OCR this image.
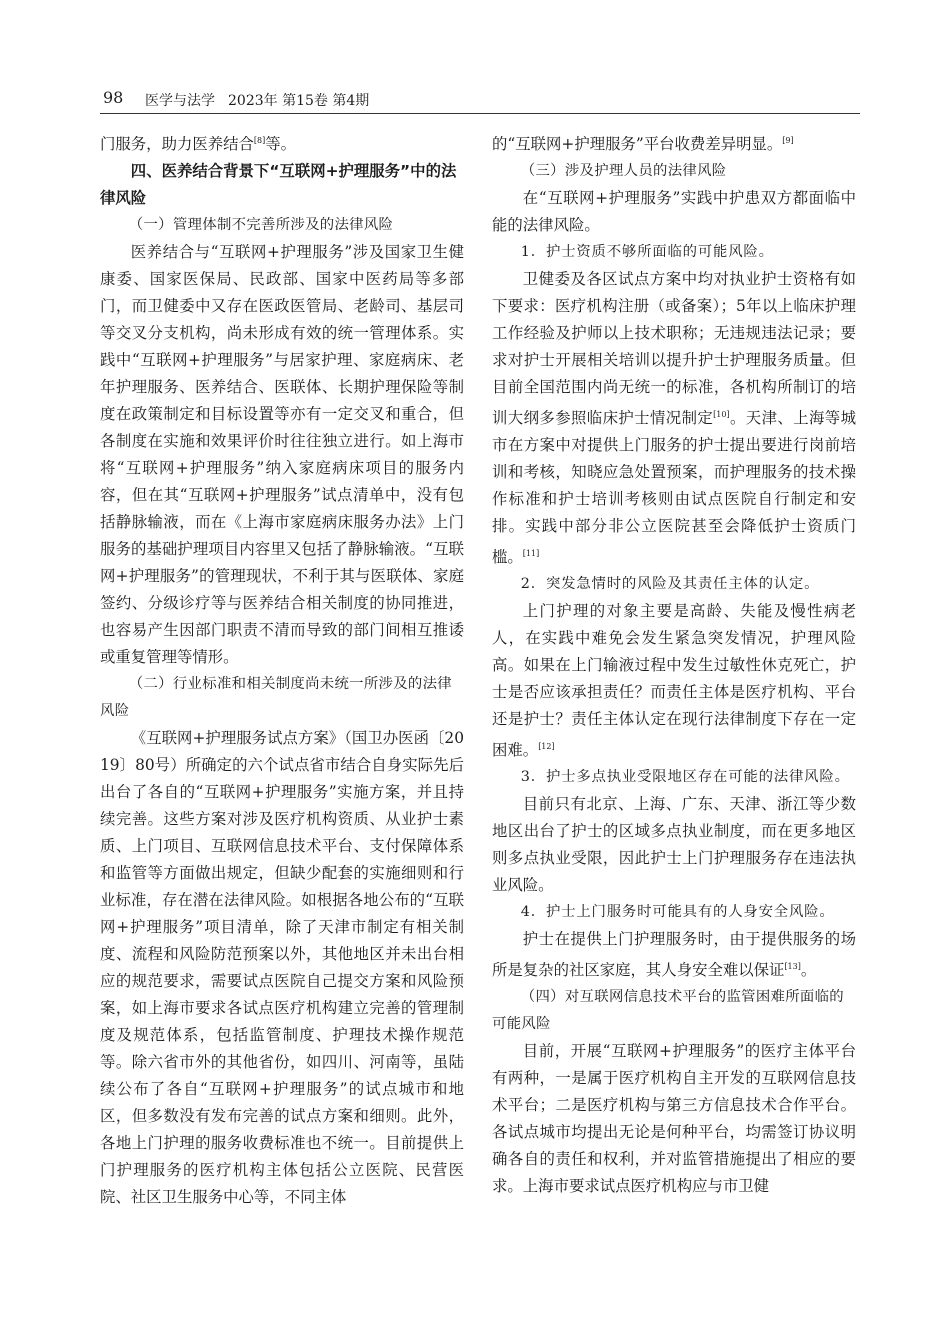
98 医学与法学 2023年 第15卷 第4期

门服务，助力医养结合[8]等。

四、医养结合背景下“互联网+护理服务”中的法律风险
（一）管理体制不完善所涉及的法律风险

医养结合与“互联网+护理服务”涉及国家卫生健康委、国家医保局、民政部、国家中医药局等多部门，而卫健委中又存在医政医管局、老龄司、基层司等交叉分支机构，尚未形成有效的统一管理体系。实践中“互联网+护理服务”与居家护理、家庭病床、老年护理服务、医养结合、医联体、长期护理保险等制度在政策制定和目标设置等亦有一定交叉和重合，但各制度在实施和效果评价时往往独立进行。如上海市将“互联网+护理服务”纳入家庭病床项目的服务内容，但在其“互联网+护理服务”试点清单中，没有包括静脉输液，而在《上海市家庭病床服务办法》上门服务的基础护理项目内容里又包括了静脉输液。“互联网+护理服务”的管理现状，不利于其与医联体、家庭签约、分级诊疗等与医养结合相关制度的协同推进，也容易产生因部门职责不清而导致的部门间相互推诿或重复管理等情形。

（二）行业标准和相关制度尚未统一所涉及的法律风险

《互联网+护理服务试点方案》（国卫办医函〔2019〕80号）所确定的六个试点省市结合自身实际先后出台了各自的“互联网+护理服务”实施方案，并且持续完善。这些方案对涉及医疗机构资质、从业护士素质、上门项目、互联网信息技术平台、支付保障体系和监管等方面做出规定，但缺少配套的实施细则和行业标准，存在潜在法律风险。如根据各地公布的“互联网+护理服务”项目清单，除了天津市制定有相关制度、流程和风险防范预案以外，其他地区并未出台相应的规范要求，需要试点医院自己提交方案和风险预案，如上海市要求各试点医疗机构建立完善的管理制度及规范体系，包括监管制度、护理技术操作规范等。除六省市外的其他省份，如四川、河南等，虽陆续公布了各自“互联网+护理服务”的试点城市和地区，但多数没有发布完善的试点方案和细则。此外，各地上门护理的服务收费标准也不统一。目前提供上门护理服务的医疗机构主体包括公立医院、民营医院、社区卫生服务中心等，不同主体

的“互联网+护理服务”平台收费差异明显。[9]

（三）涉及护理人员的法律风险

在“互联网+护理服务”实践中护患双方都面临中能的法律风险。

1．护士资质不够所面临的可能风险。

卫健委及各区试点方案中均对执业护士资格有如下要求：医疗机构注册（或备案）；5年以上临床护理工作经验及护师以上技术职称；无违规违法记录；要求对护士开展相关培训以提升护士护理服务质量。但目前全国范围内尚无统一的标准，各机构所制订的培训大纲多参照临床护士情况制定[10]。天津、上海等城市在方案中对提供上门服务的护士提出要进行岗前培训和考核，知晓应急处置预案，而护理服务的技术操作标准和护士培训考核则由试点医院自行制定和安排。实践中部分非公立医院甚至会降低护士资质门槛。[11]

2．突发急情时的风险及其责任主体的认定。

上门护理的对象主要是高龄、失能及慢性病老人，在实践中难免会发生紧急突发情况，护理风险高。如果在上门输液过程中发生过敏性休克死亡，护士是否应该承担责任？而责任主体是医疗机构、平台还是护士？责任主体认定在现行法律制度下存在一定困难。[12]

3．护士多点执业受限地区存在可能的法律风险。

目前只有北京、上海、广东、天津、浙江等少数地区出台了护士的区域多点执业制度，而在更多地区则多点执业受限，因此护士上门护理服务存在违法执业风险。

4．护士上门服务时可能具有的人身安全风险。

护士在提供上门护理服务时，由于提供服务的场所是复杂的社区家庭，其人身安全难以保证[13]。

（四）对互联网信息技术平台的监管困难所面临的可能风险

目前，开展“互联网+护理服务”的医疗主体平台有两种，一是属于医疗机构自主开发的互联网信息技术平台；二是医疗机构与第三方信息技术合作平台。各试点城市均提出无论是何种平台，均需签订协议明确各自的责任和权利，并对监管措施提出了相应的要求。上海市要求试点医疗机构应与市卫健
